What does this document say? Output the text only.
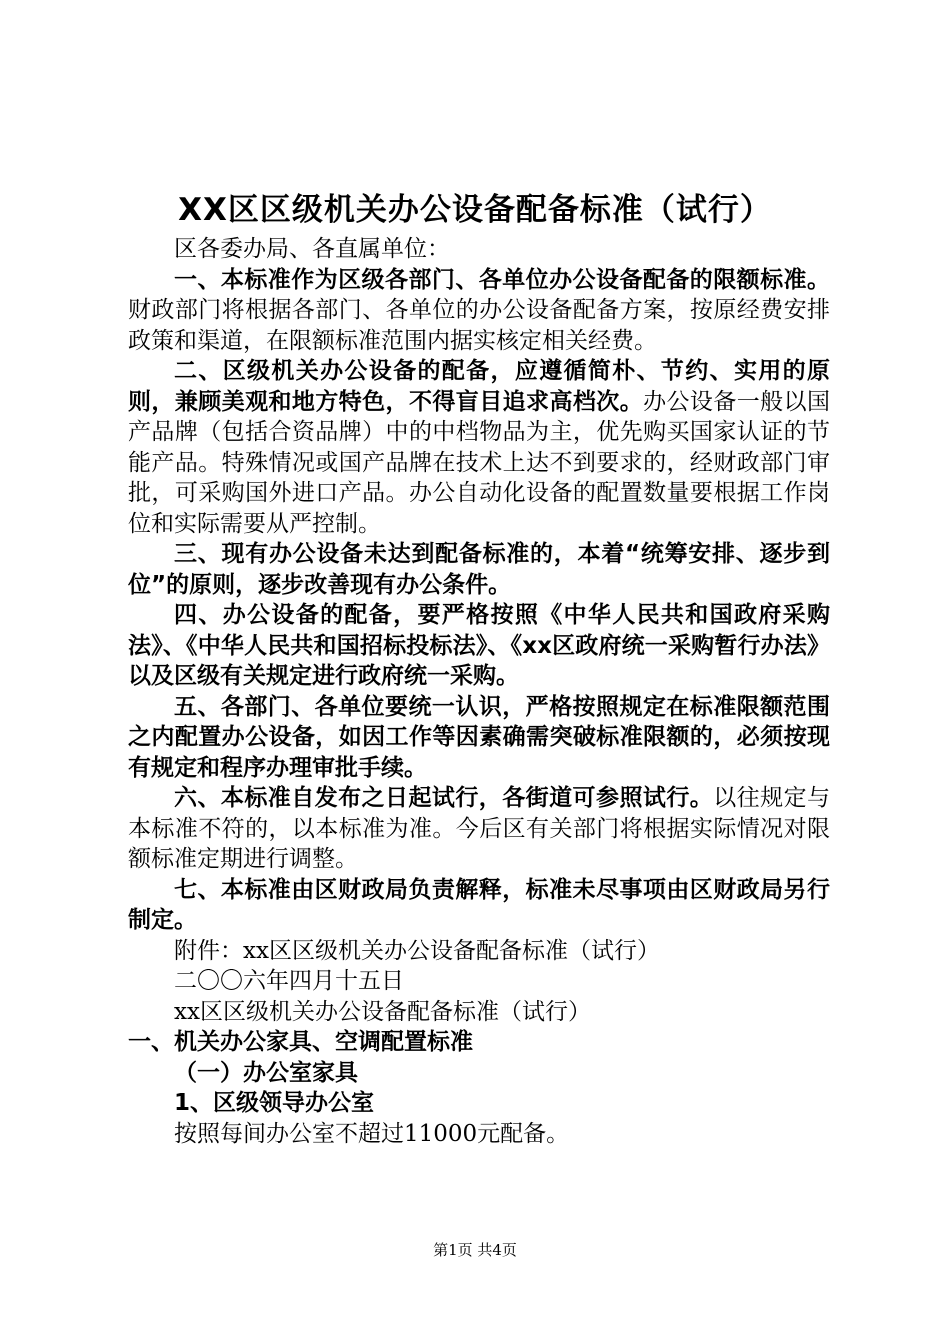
XX区区级机关办公设备配备标准（试行）

区各委办局、各直属单位：

一、本标准作为区级各部门、各单位办公设备配备的限额标准。财政部门将根据各部门、各单位的办公设备配备方案，按原经费安排政策和渠道，在限额标准范围内据实核定相关经费。

二、区级机关办公设备的配备，应遵循简朴、节约、实用的原则，兼顾美观和地方特色，不得盲目追求高档次。办公设备一般以国产品牌（包括合资品牌）中的中档物品为主，优先购买国家认证的节能产品。特殊情况或国产品牌在技术上达不到要求的，经财政部门审批，可采购国外进口产品。办公自动化设备的配置数量要根据工作岗位和实际需要从严控制。

三、现有办公设备未达到配备标准的，本着“统筹安排、逐步到位”的原则，逐步改善现有办公条件。

四、办公设备的配备，要严格按照《中华人民共和国政府采购法》、《中华人民共和国招标投标法》、《xx区政府统一采购暂行办法》以及区级有关规定进行政府统一采购。

五、各部门、各单位要统一认识，严格按照规定在标准限额范围之内配置办公设备，如因工作等因素确需突破标准限额的，必须按现有规定和程序办理审批手续。

六、本标准自发布之日起试行，各街道可参照试行。以往规定与本标准不符的，以本标准为准。今后区有关部门将根据实际情况对限额标准定期进行调整。

七、本标准由区财政局负责解释，标准未尽事项由区财政局另行制定。

附件：xx区区级机关办公设备配备标准（试行）

二〇〇六年四月十五日

xx区区级机关办公设备配备标准（试行）

一、机关办公家具、空调配置标准

（一）办公室家具

1、区级领导办公室

按照每间办公室不超过11000元配备。

第1页 共4页
